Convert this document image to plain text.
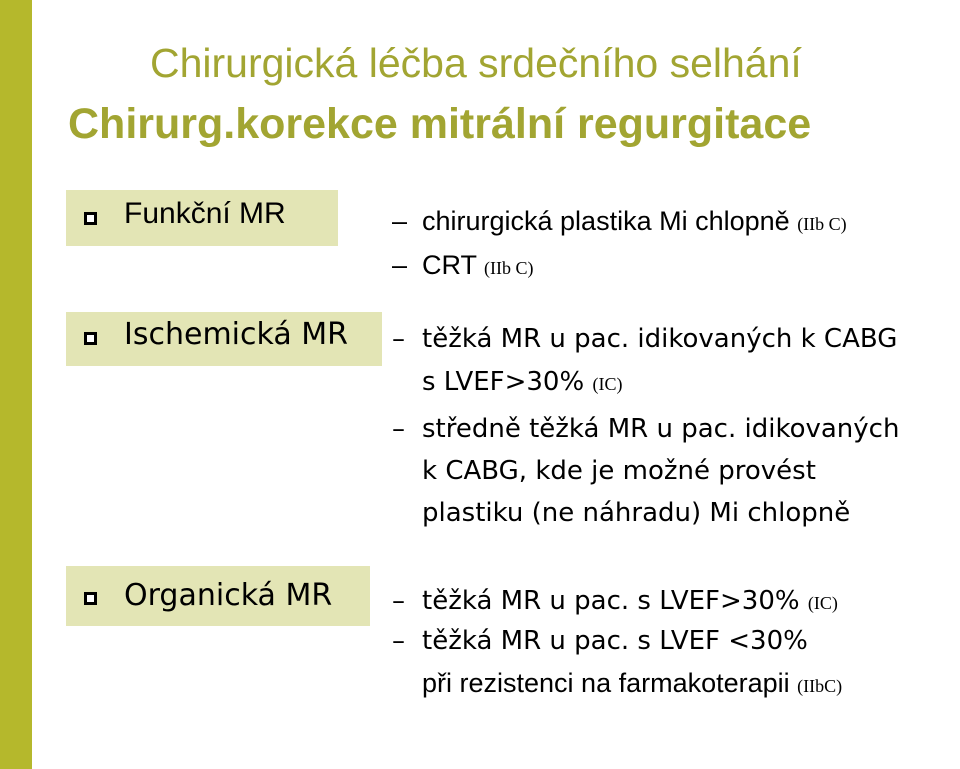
Chirurgická léčba srdečního selhání
Chirurg.korekce mitrální regurgitace
Funkční MR	– chirurgická plastika Mi chlopně (IIb C)
– CRT (IIb C)
Ischemická MR – těžká MR u pac. idikovaných k CABG
s LVEF>30% (IC)
– středně těžká MR u pac. idikovaných
k CABG, kde je možné provést
plastiku (ne náhradu) Mi chlopně
Organická MR – těžká MR u pac. s LVEF>30% (IC)
– těžká MR u pac. s LVEF <30%
při rezistenci na farmakoterapii (IIbC)
